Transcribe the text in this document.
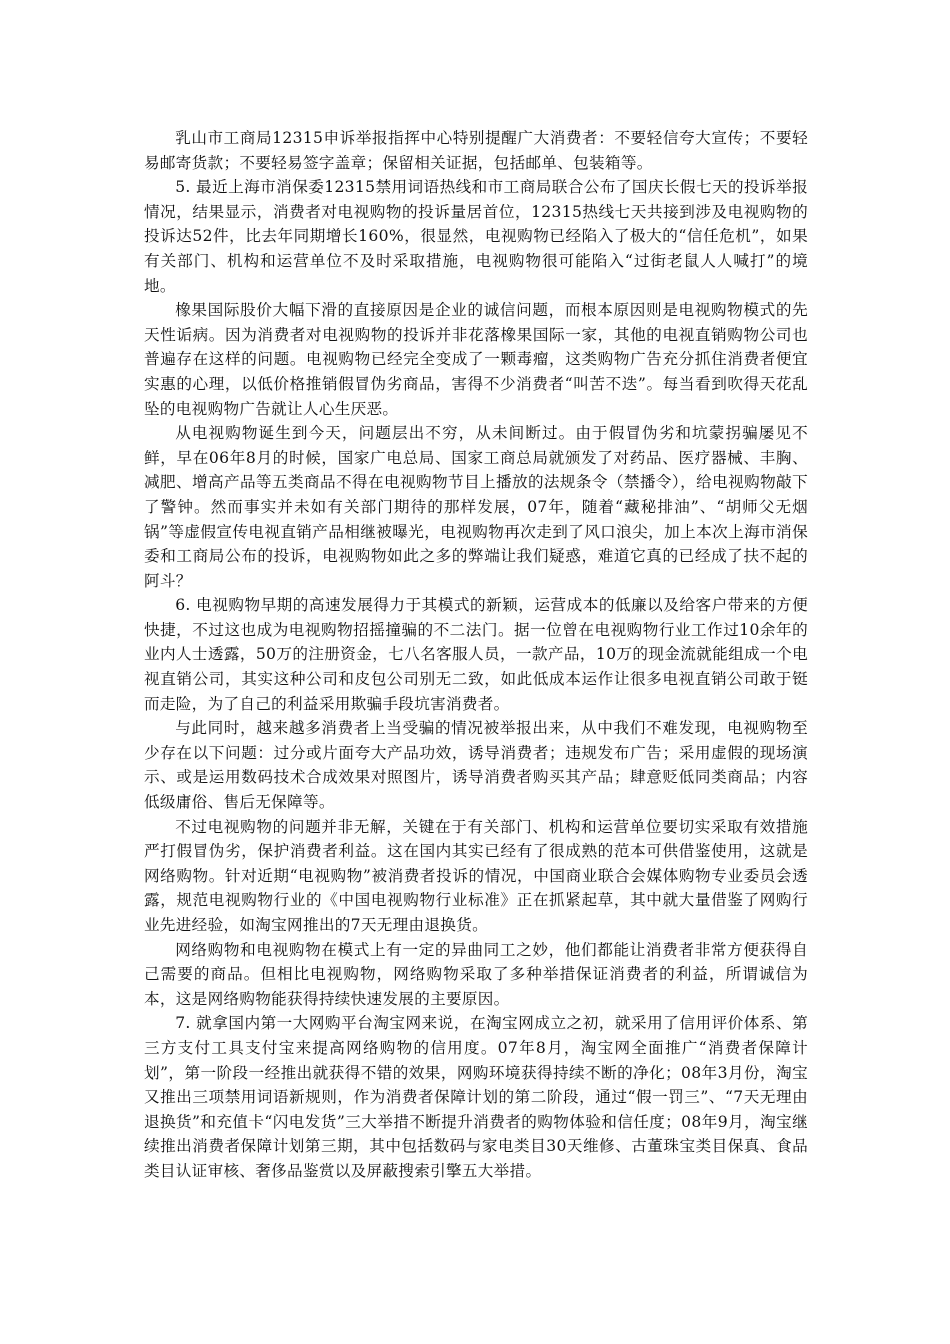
乳山市工商局12315申诉举报指挥中心特别提醒广大消费者：不要轻信夸大宣传；不要轻易邮寄货款；不要轻易签字盖章；保留相关证据，包括邮单、包装箱等。

5. 最近上海市消保委12315禁用词语热线和市工商局联合公布了国庆长假七天的投诉举报情况，结果显示，消费者对电视购物的投诉量居首位，12315热线七天共接到涉及电视购物的投诉达52件，比去年同期增长160%，很显然，电视购物已经陷入了极大的“信任危机”，如果有关部门、机构和运营单位不及时采取措施，电视购物很可能陷入“过街老鼠人人喊打”的境地。

橡果国际股价大幅下滑的直接原因是企业的诚信问题，而根本原因则是电视购物模式的先天性诟病。因为消费者对电视购物的投诉并非花落橡果国际一家，其他的电视直销购物公司也普遍存在这样的问题。电视购物已经完全变成了一颗毒瘤，这类购物广告充分抓住消费者便宜实惠的心理，以低价格推销假冒伪劣商品，害得不少消费者“叫苦不迭”。每当看到吹得天花乱坠的电视购物广告就让人心生厌恶。

从电视购物诞生到今天，问题层出不穷，从未间断过。由于假冒伪劣和坑蒙拐骗屡见不鲜，早在06年8月的时候，国家广电总局、国家工商总局就颁发了对药品、医疗器械、丰胸、减肥、增高产品等五类商品不得在电视购物节目上播放的法规条令（禁播令），给电视购物敲下了警钟。然而事实并未如有关部门期待的那样发展，07年，随着“藏秘排油”、“胡师父无烟锅”等虚假宣传电视直销产品相继被曝光，电视购物再次走到了风口浪尖，加上本次上海市消保委和工商局公布的投诉，电视购物如此之多的弊端让我们疑惑，难道它真的已经成了扶不起的阿斗？

6. 电视购物早期的高速发展得力于其模式的新颖，运营成本的低廉以及给客户带来的方便快捷，不过这也成为电视购物招摇撞骗的不二法门。据一位曾在电视购物行业工作过10余年的业内人士透露，50万的注册资金，七八名客服人员，一款产品，10万的现金流就能组成一个电视直销公司，其实这种公司和皮包公司别无二致，如此低成本运作让很多电视直销公司敢于铤而走险，为了自己的利益采用欺骗手段坑害消费者。

与此同时，越来越多消费者上当受骗的情况被举报出来，从中我们不难发现，电视购物至少存在以下问题：过分或片面夸大产品功效，诱导消费者；违规发布广告；采用虚假的现场演示、或是运用数码技术合成效果对照图片，诱导消费者购买其产品；肆意贬低同类商品；内容低级庸俗、售后无保障等。

不过电视购物的问题并非无解，关键在于有关部门、机构和运营单位要切实采取有效措施严打假冒伪劣，保护消费者利益。这在国内其实已经有了很成熟的范本可供借鉴使用，这就是网络购物。针对近期“电视购物”被消费者投诉的情况，中国商业联合会媒体购物专业委员会透露，规范电视购物行业的《中国电视购物行业标准》正在抓紧起草，其中就大量借鉴了网购行业先进经验，如淘宝网推出的7天无理由退换货。

网络购物和电视购物在模式上有一定的异曲同工之妙，他们都能让消费者非常方便获得自己需要的商品。但相比电视购物，网络购物采取了多种举措保证消费者的利益，所谓诚信为本，这是网络购物能获得持续快速发展的主要原因。

7. 就拿国内第一大网购平台淘宝网来说，在淘宝网成立之初，就采用了信用评价体系、第三方支付工具支付宝来提高网络购物的信用度。07年8月，淘宝网全面推广“消费者保障计划”，第一阶段一经推出就获得不错的效果，网购环境获得持续不断的净化；08年3月份，淘宝又推出三项禁用词语新规则，作为消费者保障计划的第二阶段，通过“假一罚三”、“7天无理由退换货”和充值卡“闪电发货”三大举措不断提升消费者的购物体验和信任度；08年9月，淘宝继续推出消费者保障计划第三期，其中包括数码与家电类目30天维修、古董珠宝类目保真、食品类目认证审核、奢侈品鉴赏以及屏蔽搜索引擎五大举措。
